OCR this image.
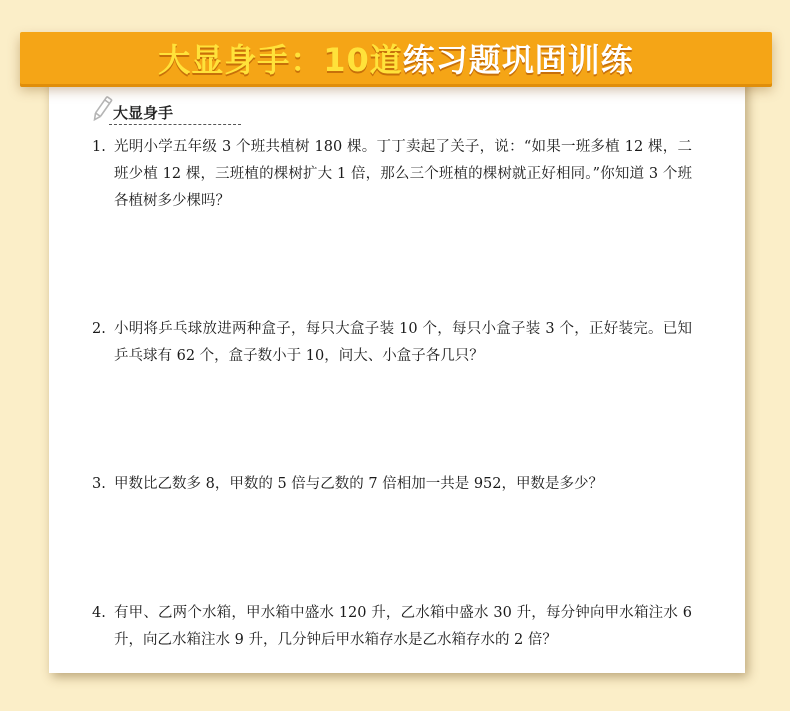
大显身手：10道练习题巩固训练
大显身手
1. 光明小学五年级 3 个班共植树 180 棵。丁丁卖起了关子，说：“如果一班多植 12 棵，二班少植 12 棵，三班植的棵树扩大 1 倍，那么三个班植的棵树就正好相同。”你知道 3 个班各植树多少棵吗？
2. 小明将乒乓球放进两种盒子，每只大盒子装 10 个，每只小盒子装 3 个，正好装完。已知乒乓球有 62 个，盒子数小于 10，问大、小盒子各几只？
3. 甲数比乙数多 8，甲数的 5 倍与乙数的 7 倍相加一共是 952，甲数是多少？
4. 有甲、乙两个水箱，甲水箱中盛水 120 升，乙水箱中盛水 30 升，每分钟向甲水箱注水 6 升，向乙水箱注水 9 升，几分钟后甲水箱存水是乙水箱存水的 2 倍？
